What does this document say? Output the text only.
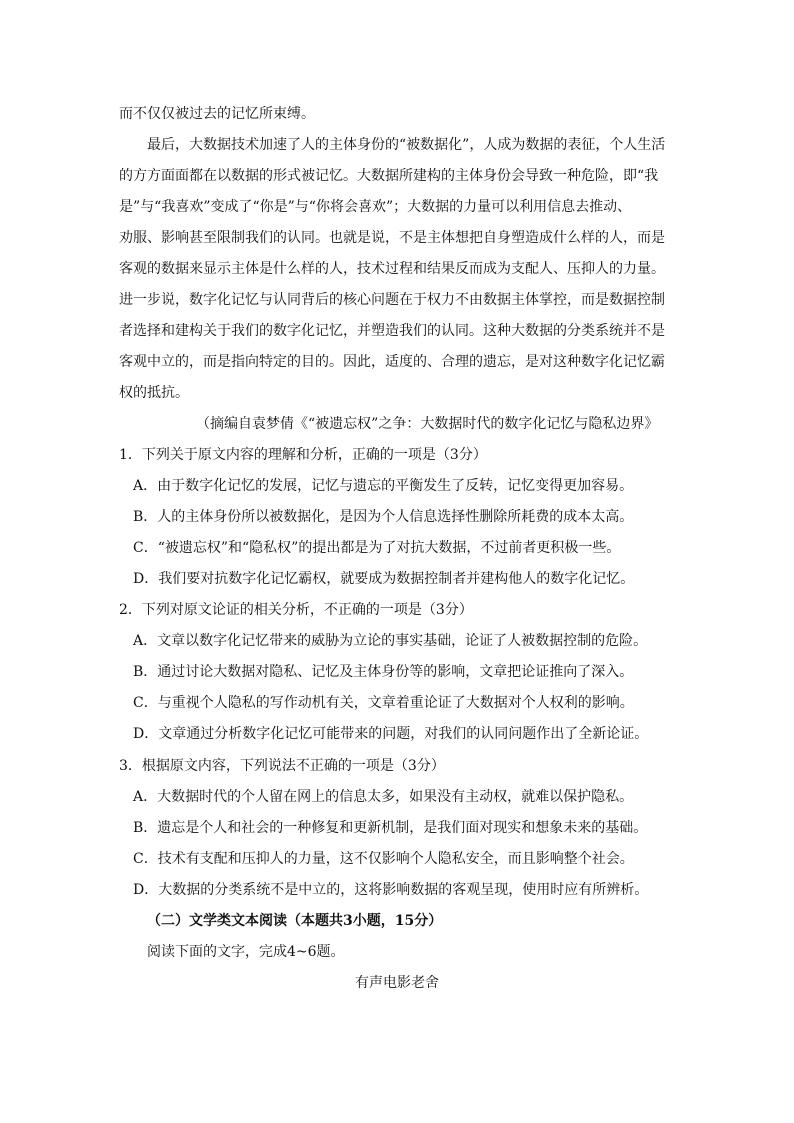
而不仅仅被过去的记忆所束缚。
最后，大数据技术加速了人的主体身份的“被数据化”，人成为数据的表征，个人生活
的方方面面都在以数据的形式被记忆。大数据所建构的主体身份会导致一种危险，即“我
是”与“我喜欢”变成了“你是”与“你将会喜欢”；大数据的力量可以利用信息去推动、
劝服、影响甚至限制我们的认同。也就是说，不是主体想把自身塑造成什么样的人，而是
客观的数据来显示主体是什么样的人，技术过程和结果反而成为支配人、压抑人的力量。
进一步说，数字化记忆与认同背后的核心问题在于权力不由数据主体掌控，而是数据控制
者选择和建构关于我们的数字化记忆，并塑造我们的认同。这种大数据的分类系统并不是
客观中立的，而是指向特定的目的。因此，适度的、合理的遗忘，是对这种数字化记忆霸
权的抵抗。
（摘编自袁梦倩《“被遗忘权”之争：大数据时代的数字化记忆与隐私边界》
1．下列关于原文内容的理解和分析，正确的一项是（3分）
A．由于数字化记忆的发展，记忆与遗忘的平衡发生了反转，记忆变得更加容易。
B．人的主体身份所以被数据化，是因为个人信息选择性删除所耗费的成本太高。
C．“被遗忘权”和“隐私权”的提出都是为了对抗大数据，不过前者更积极一些。
D．我们要对抗数字化记忆霸权，就要成为数据控制者并建构他人的数字化记忆。
2．下列对原文论证的相关分析，不正确的一项是（3分）
A．文章以数字化记忆带来的威胁为立论的事实基础，论证了人被数据控制的危险。
B．通过讨论大数据对隐私、记忆及主体身份等的影响，文章把论证推向了深入。
C．与重视个人隐私的写作动机有关，文章着重论证了大数据对个人权利的影响。
D．文章通过分析数字化记忆可能带来的问题，对我们的认同问题作出了全新论证。
3．根据原文内容，下列说法不正确的一项是（3分）
A．大数据时代的个人留在网上的信息太多，如果没有主动权，就难以保护隐私。
B．遗忘是个人和社会的一种修复和更新机制，是我们面对现实和想象未来的基础。
C．技术有支配和压抑人的力量，这不仅影响个人隐私安全，而且影响整个社会。
D．大数据的分类系统不是中立的，这将影响数据的客观呈现，使用时应有所辨析。
（二）文学类文本阅读（本题共3小题，15分）
阅读下面的文字，完成4~6题。
有声电影老舍
